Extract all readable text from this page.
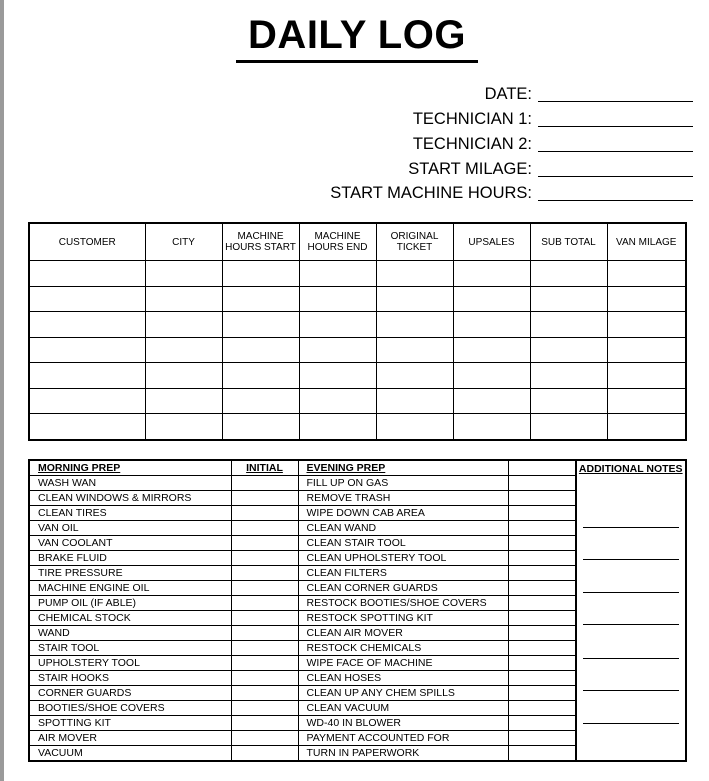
DAILY LOG
DATE:
TECHNICIAN 1:
TECHNICIAN 2:
START MILAGE:
START MACHINE HOURS:
CUSTOMER	CITY	MACHINE HOURS START	MACHINE HOURS END	ORIGINAL TICKET	UPSALES	SUB TOTAL	VAN MILAGE

MORNING PREP	INITIAL	EVENING PREP			ADDITIONAL NOTES

WASH WAN		FILL UP ON GAS		
CLEAN WINDOWS & MIRRORS		REMOVE TRASH		
CLEAN TIRES		WIPE DOWN CAB AREA		
VAN OIL		CLEAN WAND		
VAN COOLANT		CLEAN STAIR TOOL		
BRAKE FLUID		CLEAN UPHOLSTERY TOOL		
TIRE PRESSURE		CLEAN FILTERS		
MACHINE ENGINE OIL		CLEAN CORNER GUARDS		
PUMP OIL (IF ABLE)		RESTOCK BOOTIES/SHOE COVERS		
CHEMICAL STOCK		RESTOCK SPOTTING KIT		
WAND		CLEAN AIR MOVER		
STAIR TOOL		RESTOCK CHEMICALS		
UPHOLSTERY TOOL		WIPE FACE OF MACHINE		
STAIR HOOKS		CLEAN HOSES		
CORNER GUARDS		CLEAN UP ANY CHEM SPILLS		
BOOTIES/SHOE COVERS		CLEAN VACUUM		
SPOTTING KIT		WD-40 IN BLOWER		
AIR MOVER		PAYMENT ACCOUNTED FOR		
VACUUM		TURN IN PAPERWORK		
